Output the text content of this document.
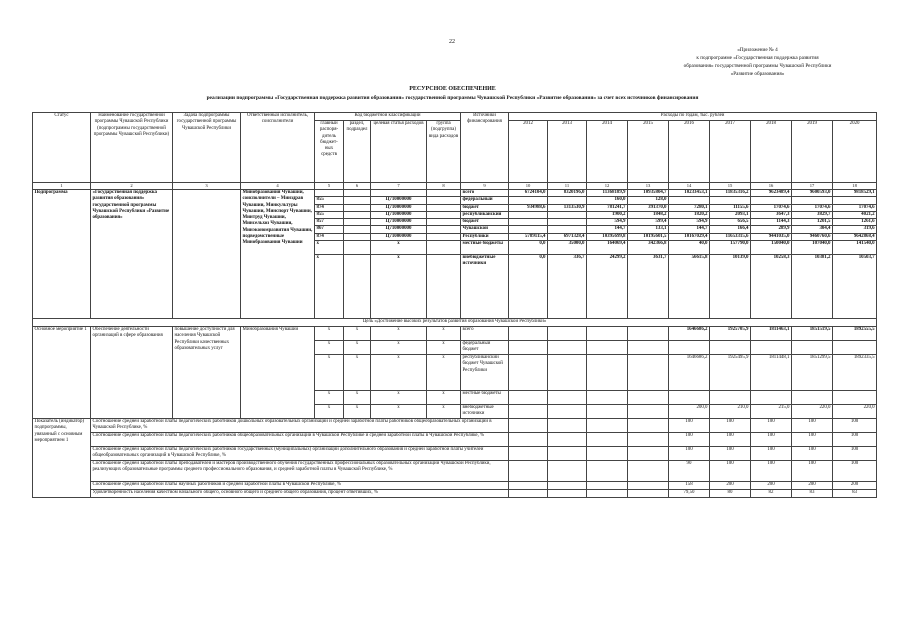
22
«Приложение № 4
к подпрограмме «Государственная поддержка развития
образования» государственной программы Чувашской Республики
«Развитие образования»
РЕСУРСНОЕ ОБЕСПЕЧЕНИЕ
реализации подпрограммы «Государственная поддержка развития образования» государственной программы Чувашской Республики «Развитие образования» за счет всех источников финансирования
Статус	Наименование государственной программы Чувашской Республики (подпрограммы государственной программы Чувашской Республики)	Задача подпрограммы государственной программы Чувашской Республики	Ответственный исполнитель, соисполнители	Код бюджетной классификации				Источники финансирования	Расходы по годам, тыс. рублей								
				главный распоря-дитель бюджет-ных средств	раздел, подраздел	целевая статья расходов	группа (подгруппа) вида расходов		2012	2013	2014	2015	2016	2017	2018	2019	2020
1	2	3	4	5	6	7	8	9	10	11	12	13	14	15	16	17	18
Подпрограмма	«Государственная поддержка развития образования» государственной программы Чувашской Республики «Развитие образования»		Минобразования Чувашии, соисполнители – Минздрав Чувашии, Минкультуры Чувашии, Минспорт Чувашии, Минтруд Чувашии, Минсельхоз Чувашии, Минэкономразвития Чувашии, подведомственные Минобразования Чувашии					всего	6724104,0	8320196,0	11368189,9	10935804,7	10233453,1	11835316,2	9623489,4	9600593,0	9818529,1
				855		Ц710000000		федеральный			160,0	128,0					
				874		Ц710000000		бюджет	934988,6	1313530,9	781241,7	391370,0	7280,1	11155,6	17074,6	17074,6	17074,6
				855		Ц710000000		республиканский			1900,2	1848,2	1820,2	2093,1	3647,3	3829,7	4021,2
				857		Ц710000000		бюджет			594,9	599,4	594,9	656,5	1144,3	1201,5	1261,6
				867		Ц710000000		Чувашской			144,7	133,1	144,7	166,4	289,9	304,4	319,6
				874		Ц710000000		Республики	5789115,4	6971328,4	10395699,8	10195601,5	10167029,4	11653315,6	9441035,0	9460760,6	9642868,4
				х		х		местные бюджеты	0,0	35000,0	164069,4	342366,8	40,0	157790,0	150040,0	107040,0	141540,0
				х		х		внебюджетные источники	0,0	336,7	24299,2	3631,7	56615,8	10139,0	10258,3	10381,2	10503,7
Цель «Достижение высоких результатов развития образования Чувашской Республики»																	
Основное мероприятие 1	Обеспечение деятельности организаций в сфере образования	повышение доступности для населения Чувашской Республики качественных образовательных услуг	Минобразования Чувашии	х	х	х	х	всего					1646686,2	1925705,9	1811463,1	1851519,5	1892555,5
				х	х	х	х	федеральный бюджет									
				х	х	х	х	республиканский бюджет Чувашской Республики					1646686,2	1925495,9	1811448,1	1851299,5	1892335,5
				х	х	х	х	местные бюджеты									
				х	х	х	х	внебюджетные источники					200,0	210,0	215,0	220,0	220,0
Показатель (индикатор) подпрограммы, увязанный с основным мероприятием 1	Соотношение средней заработной платы педагогических работников дошкольных образовательных организаций и средней заработной платы работников общеобразовательных организаций в Чувашской Республике, %												100	100	100	100	100
	Соотношение средней заработной платы педагогических работников общеобразовательных организаций в Чувашской Республике и средней заработной платы в Чувашской Республике, %												100	100	100	100	100
	Соотношение средней заработной платы педагогических работников государственных (муниципальных) организаций дополнительного образования и средней заработной платы учителей общеобразовательных организаций в Чувашской Республике, %												100	100	100	100	100
	Соотношение средней заработной платы преподавателей и мастеров производственного обучения государственных профессиональных образовательных организаций Чувашской Республики, реализующих образовательные программы среднего профессионального образования, и средней заработной платы в Чувашской Республике, %												90	100	100	100	100
	Соотношение средней заработной платы научных работников и средней заработной платы в Чувашской Республике, %												158	200	200	200	200
	Удовлетворенность населения качеством начального общего, основного общего и среднего общего образования, процент ответивших, %												79,50	80	82	83	83
